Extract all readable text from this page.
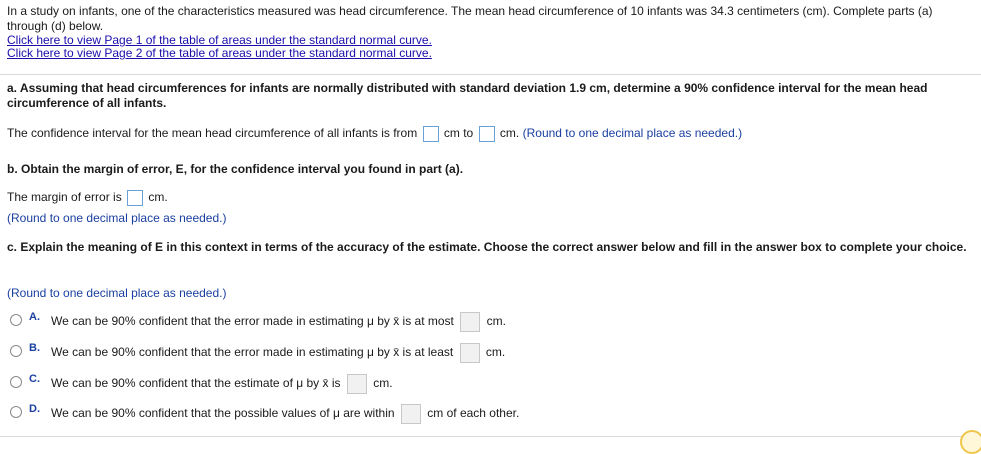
In a study on infants, one of the characteristics measured was head circumference. The mean head circumference of 10 infants was 34.3 centimeters (cm). Complete parts (a) through (d) below.

Click here to view Page 1 of the table of areas under the standard normal curve.
Click here to view Page 2 of the table of areas under the standard normal curve.
a. Assuming that head circumferences for infants are normally distributed with standard deviation 1.9 cm, determine a 90% confidence interval for the mean head circumference of all infants.
The confidence interval for the mean head circumference of all infants is from cm to cm. (Round to one decimal place as needed.)
b. Obtain the margin of error, E, for the confidence interval you found in part (a).
The margin of error is cm.
(Round to one decimal place as needed.)
c. Explain the meaning of E in this context in terms of the accuracy of the estimate. Choose the correct answer below and fill in the answer box to complete your choice.
(Round to one decimal place as needed.)
A. We can be 90% confident that the error made in estimating μ by x̄ is at most	cm.
B. We can be 90% confident that the error made in estimating μ by x̄ is at least	cm.
C. We can be 90% confident that the estimate of μ by x̄ is	cm.
D. We can be 90% confident that the possible values of μ are within	cm of each other.
